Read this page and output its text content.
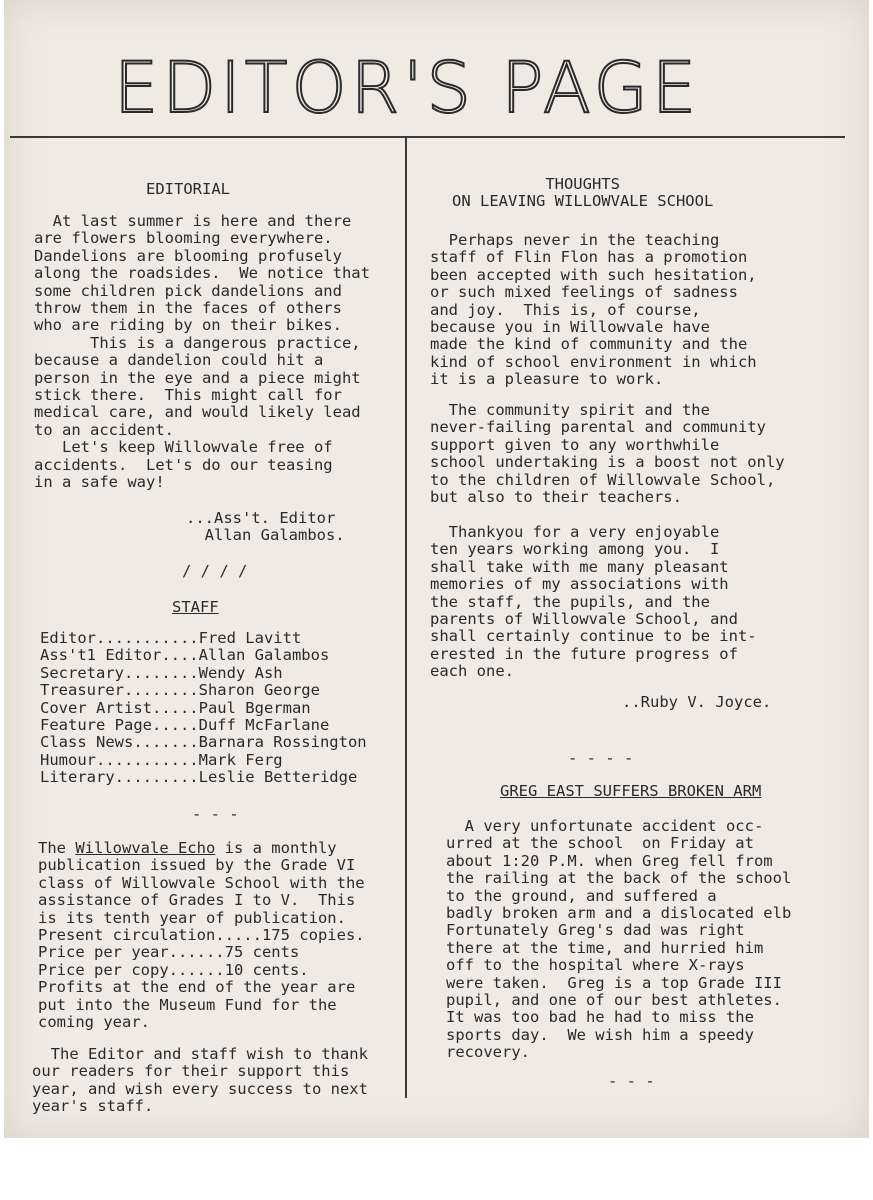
EDITOR'S PAGE

EDITORIAL

At last summer is here and there
are flowers blooming everywhere.
Dandelions are blooming profusely
along the roadsides.  We notice that
some children pick dandelions and
throw them in the faces of others
who are riding by on their bikes.
This is a dangerous practice,
because a dandelion could hit a
person in the eye and a piece might
stick there.  This might call for
medical care, and would likely lead
to an accident.
Let's keep Willowvale free of
accidents.  Let's do our teasing
in a safe way!

...Ass't. Editor
Allan Galambos.

/ / / /

STAFF

Editor...........Fred Lavitt
Ass't1 Editor....Allan Galambos
Secretary........Wendy Ash
Treasurer........Sharon George
Cover Artist.....Paul Bgerman
Feature Page.....Duff McFarlane
Class News.......Barnara Rossington
Humour...........Mark Ferg
Literary.........Leslie Betteridge

- - -

The Willowvale Echo is a monthly
publication issued by the Grade VI
class of Willowvale School with the
assistance of Grades I to V.  This
is its tenth year of publication.
Present circulation.....175 copies.
Price per year......75 cents
Price per copy......10 cents.
Profits at the end of the year are
put into the Museum Fund for the
coming year.

The Editor and staff wish to thank
our readers for their support this
year, and wish every success to next
year's staff.

THOUGHTS
ON LEAVING WILLOWVALE SCHOOL

Perhaps never in the teaching
staff of Flin Flon has a promotion
been accepted with such hesitation,
or such mixed feelings of sadness
and joy.  This is, of course,
because you in Willowvale have
made the kind of community and the
kind of school environment in which
it is a pleasure to work.

The community spirit and the
never-failing parental and community
support given to any worthwhile
school undertaking is a boost not only
to the children of Willowvale School,
but also to their teachers.

Thankyou for a very enjoyable
ten years working among you.  I
shall take with me many pleasant
memories of my associations with
the staff, the pupils, and the
parents of Willowvale School, and
shall certainly continue to be int-
erested in the future progress of
each one.

..Ruby V. Joyce.

- - - -

GREG EAST SUFFERS BROKEN ARM

A very unfortunate accident occ-
urred at the school  on Friday at
about 1:20 P.M. when Greg fell from
the railing at the back of the school
to the ground, and suffered a
badly broken arm and a dislocated elb
Fortunately Greg's dad was right
there at the time, and hurried him
off to the hospital where X-rays
were taken.  Greg is a top Grade III
pupil, and one of our best athletes.
It was too bad he had to miss the
sports day.  We wish him a speedy
recovery.

- - -
